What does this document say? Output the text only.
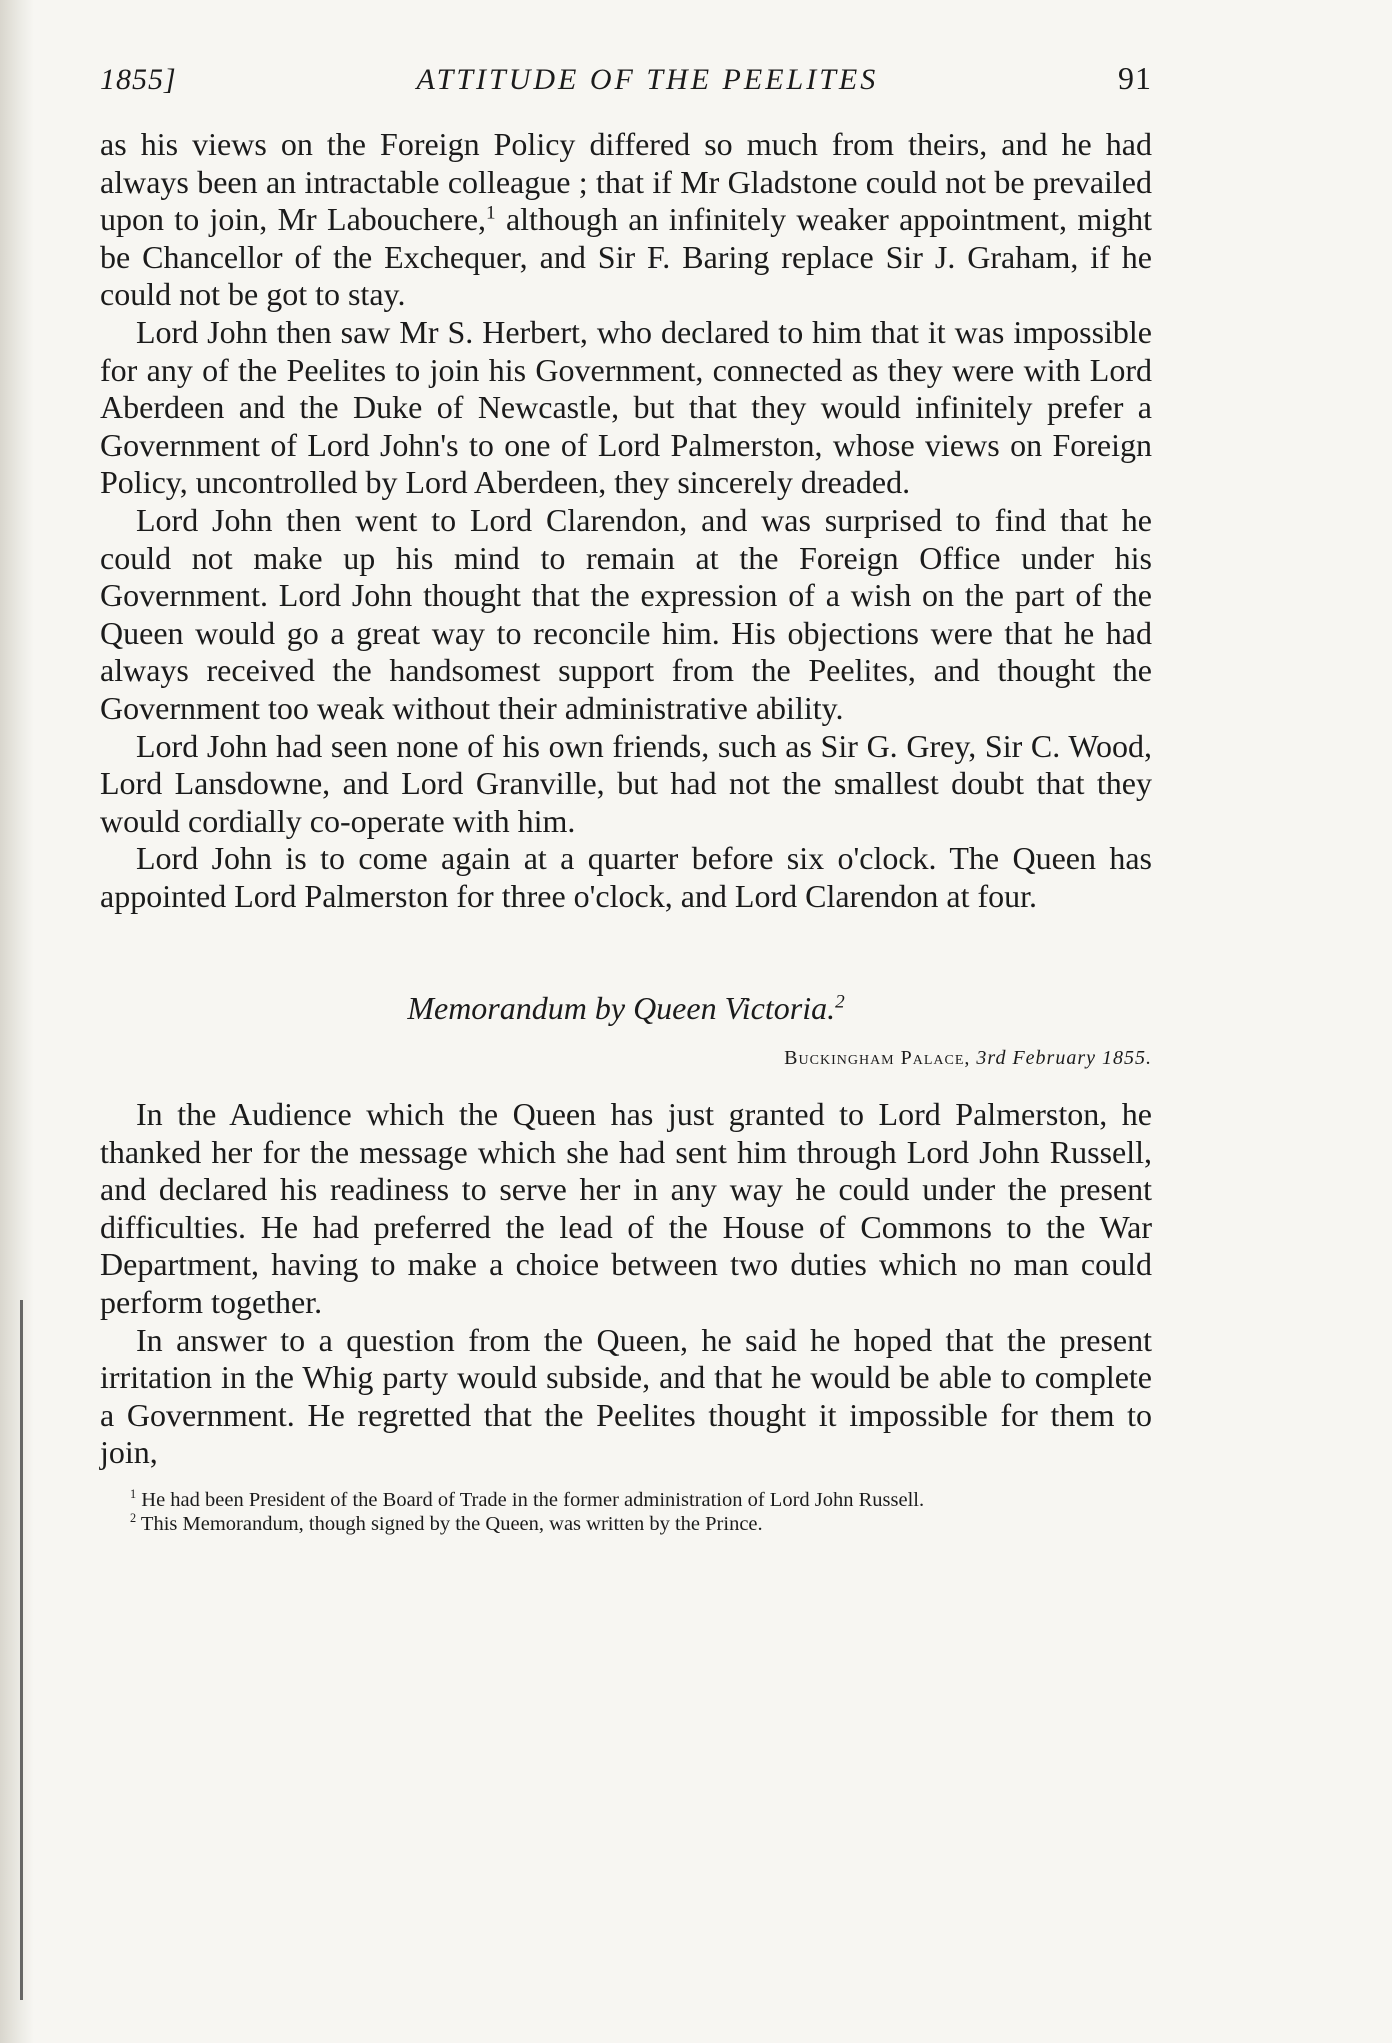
1855]	ATTITUDE OF THE PEELITES	91

as his views on the Foreign Policy differed so much from theirs, and he had always been an intractable colleague ; that if Mr Gladstone could not be prevailed upon to join, Mr Labouchere,$^1$ although an infinitely weaker appointment, might be Chancellor of the Exchequer, and Sir F. Baring replace Sir J. Graham, if he could not be got to stay.

Lord John then saw Mr S. Herbert, who declared to him that it was impossible for any of the Peelites to join his Government, connected as they were with Lord Aberdeen and the Duke of Newcastle, but that they would infinitely prefer a Government of Lord John's to one of Lord Palmerston, whose views on Foreign Policy, uncontrolled by Lord Aberdeen, they sincerely dreaded.

Lord John then went to Lord Clarendon, and was surprised to find that he could not make up his mind to remain at the Foreign Office under his Government. Lord John thought that the expression of a wish on the part of the Queen would go a great way to reconcile him. His objections were that he had always received the handsomest support from the Peelites, and thought the Government too weak without their administrative ability.

Lord John had seen none of his own friends, such as Sir G. Grey, Sir C. Wood, Lord Lansdowne, and Lord Granville, but had not the smallest doubt that they would cordially co-operate with him.

Lord John is to come again at a quarter before six o'clock. The Queen has appointed Lord Palmerston for three o'clock, and Lord Clarendon at four.

Memorandum by Queen Victoria.$^2$

Buckingham Palace, 3rd February 1855.

In the Audience which the Queen has just granted to Lord Palmerston, he thanked her for the message which she had sent him through Lord John Russell, and declared his readiness to serve her in any way he could under the present difficulties. He had preferred the lead of the House of Commons to the War Department, having to make a choice between two duties which no man could perform together.

In answer to a question from the Queen, he said he hoped that the present irritation in the Whig party would subside, and that he would be able to complete a Government. He regretted that the Peelites thought it impossible for them to join,

$^1$ He had been President of the Board of Trade in the former administration of Lord John Russell.

$^2$ This Memorandum, though signed by the Queen, was written by the Prince.
